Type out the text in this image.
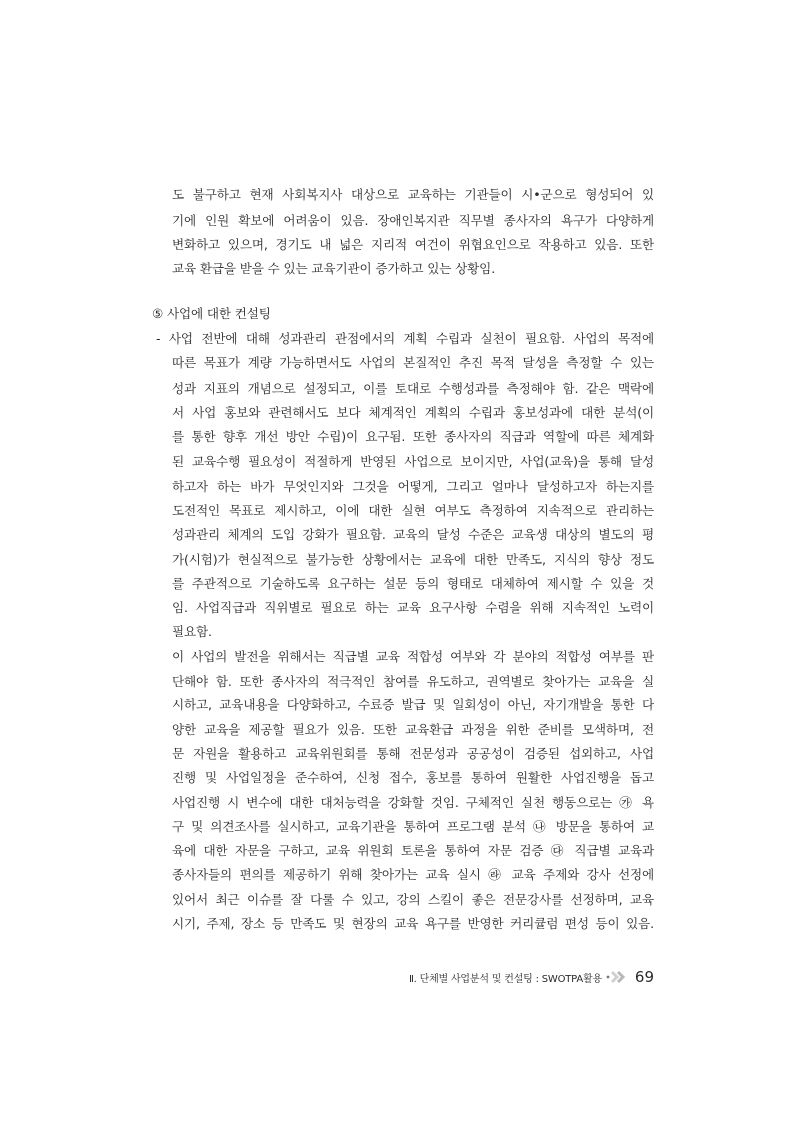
도 불구하고 현재 사회복지사 대상으로 교육하는 기관들이 시•군으로 형성되어 있
기에 인원 확보에 어려움이 있음. 장애인복지관 직무별 종사자의 욕구가 다양하게
변화하고 있으며, 경기도 내 넓은 지리적 여건이 위협요인으로 작용하고 있음. 또한
교육 환급을 받을 수 있는 교육기관이 증가하고 있는 상황임.
⑤ 사업에 대한 컨설팅
- 사업 전반에 대해 성과관리 관점에서의 계획 수립과 실천이 필요함. 사업의 목적에
따른 목표가 계량 가능하면서도 사업의 본질적인 추진 목적 달성을 측정할 수 있는
성과 지표의 개념으로 설정되고, 이를 토대로 수행성과를 측정해야 함. 같은 맥락에
서 사업 홍보와 관련해서도 보다 체계적인 계획의 수립과 홍보성과에 대한 분석(이
를 통한 향후 개선 방안 수립)이 요구됨. 또한 종사자의 직급과 역할에 따른 체계화
된 교육수행 필요성이 적절하게 반영된 사업으로 보이지만, 사업(교육)을 통해 달성
하고자 하는 바가 무엇인지와 그것을 어떻게, 그리고 얼마나 달성하고자 하는지를
도전적인 목표로 제시하고, 이에 대한 실현 여부도 측정하여 지속적으로 관리하는
성과관리 체계의 도입 강화가 필요함. 교육의 달성 수준은 교육생 대상의 별도의 평
가(시험)가 현실적으로 불가능한 상황에서는 교육에 대한 만족도, 지식의 향상 정도
를 주관적으로 기술하도록 요구하는 설문 등의 형태로 대체하여 제시할 수 있을 것
임. 사업직급과 직위별로 필요로 하는 교육 요구사항 수렴을 위해 지속적인 노력이
필요함.
이 사업의 발전을 위해서는 직급별 교육 적합성 여부와 각 분야의 적합성 여부를 판
단해야 함. 또한 종사자의 적극적인 참여를 유도하고, 권역별로 찾아가는 교육을 실
시하고, 교육내용을 다양화하고, 수료증 발급 및 일회성이 아닌, 자기개발을 통한 다
양한 교육을 제공할 필요가 있음. 또한 교육환급 과정을 위한 준비를 모색하며, 전
문 자원을 활용하고 교육위원회를 통해 전문성과 공공성이 검증된 섭외하고, 사업
진행 및 사업일정을 준수하여, 신청 접수, 홍보를 통하여 원활한 사업진행을 돕고
사업진행 시 변수에 대한 대처능력을 강화할 것임. 구체적인 실천 행동으로는 ㉮ 욕
구 및 의견조사를 실시하고, 교육기관을 통하여 프로그램 분석 ㉯ 방문을 통하여 교
육에 대한 자문을 구하고, 교육 위원회 토론을 통하여 자문 검증 ㉰ 직급별 교육과
종사자들의 편의를 제공하기 위해 찾아가는 교육 실시 ㉱ 교육 주제와 강사 선정에
있어서 최근 이슈를 잘 다룰 수 있고, 강의 스킬이 좋은 전문강사를 선정하며, 교육
시기, 주제, 장소 등 만족도 및 현장의 교육 욕구를 반영한 커리큘럼 편성 등이 있음.
Ⅱ. 단체별 사업분석 및 컨설팅 : SWOTPA활용 69
